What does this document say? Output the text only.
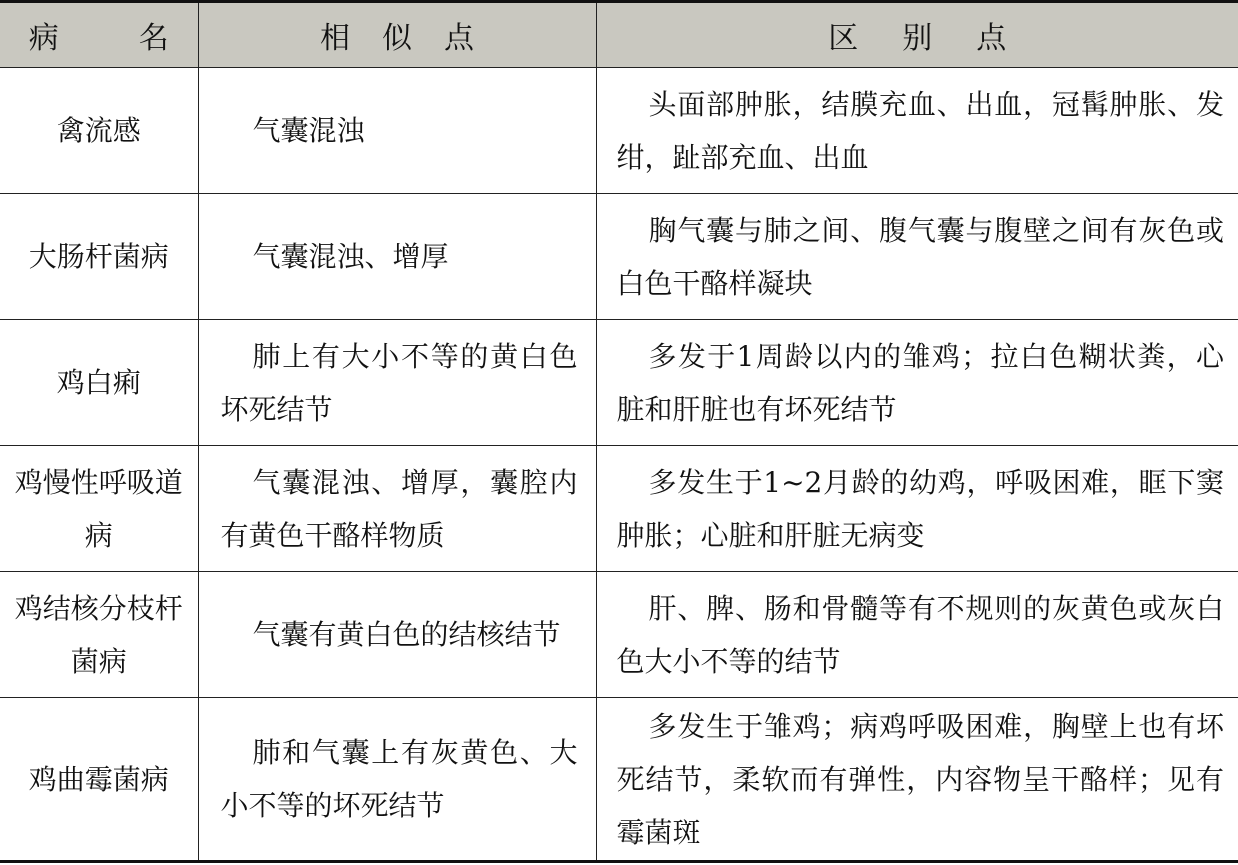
病 名	相似点	区别点
禽流感	气囊混浊	头面部肿胀，结膜充血、出血，冠髯肿胀、发绀，趾部充血、出血
大肠杆菌病	气囊混浊、增厚	胸气囊与肺之间、腹气囊与腹壁之间有灰色或白色干酪样凝块
鸡白痢	肺上有大小不等的黄白色坏死结节	多发于1周龄以内的雏鸡；拉白色糊状粪，心脏和肝脏也有坏死结节
鸡慢性呼吸道病	气囊混浊、增厚，囊腔内有黄色干酪样物质	多发生于1~2月龄的幼鸡，呼吸困难，眶下窦肿胀；心脏和肝脏无病变
鸡结核分枝杆菌病	气囊有黄白色的结核结节	肝、脾、肠和骨髓等有不规则的灰黄色或灰白色大小不等的结节
鸡曲霉菌病	肺和气囊上有灰黄色、大小不等的坏死结节	多发生于雏鸡；病鸡呼吸困难，胸壁上也有坏死结节，柔软而有弹性，内容物呈干酪样；见有霉菌斑
